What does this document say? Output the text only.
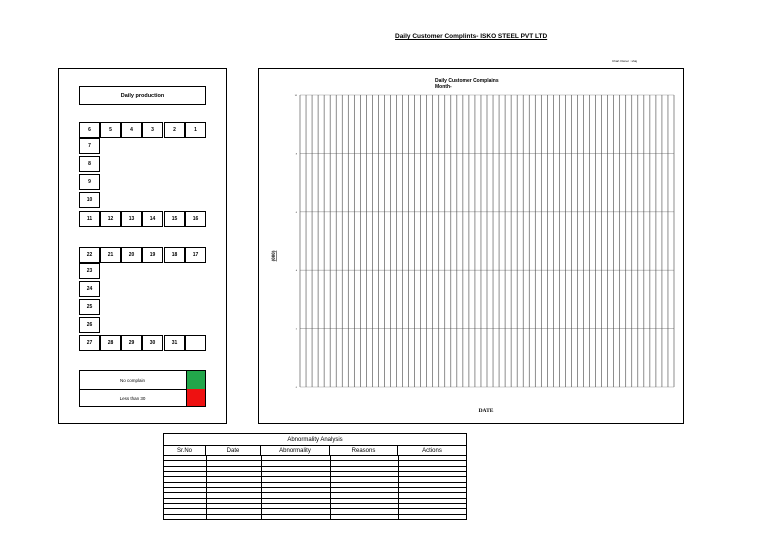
Daily Customer Complints- ISKO STEEL PVT LTD
Chart Owner : shaj
Daily production
6	5	4	3	2	1
7
8
9
10
11	12	13	14	15	16
22	21	20	19	18	17
23
24
25
26
27	28	29	30	31
No complain
Less than 30
Daily Customer Complains
Month-
0
2
4
6
8
10
(000)
DATE
Abnormality Analysis
Sr.No	Date	Abnormality	Reasons	Actions
